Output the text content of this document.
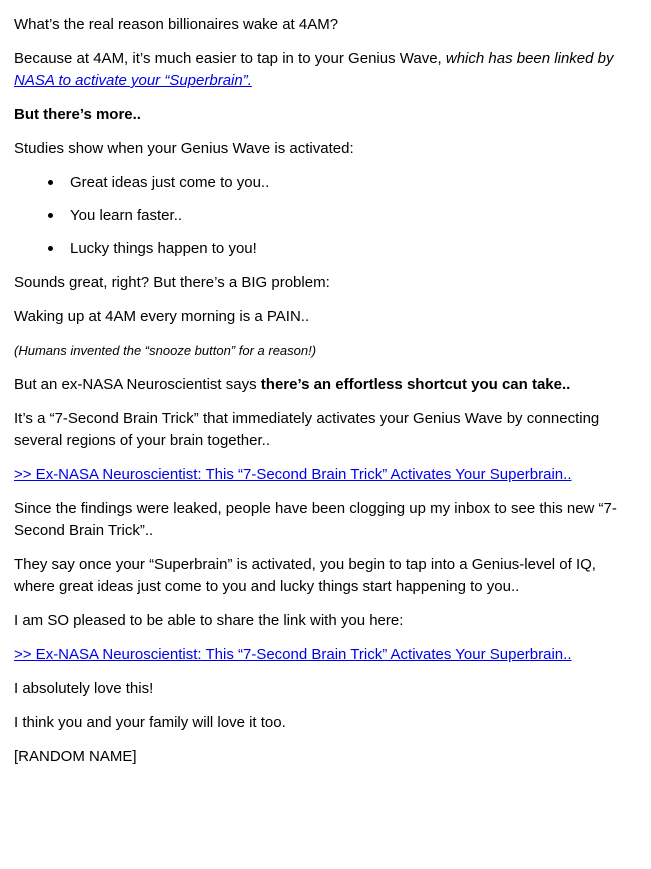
What’s the real reason billionaires wake at 4AM?

Because at 4AM, it’s much easier to tap in to your Genius Wave, which has been linked by NASA to activate your “Superbrain”.

But there’s more..

Studies show when your Genius Wave is activated:

Great ideas just come to you..
You learn faster..
Lucky things happen to you!

Sounds great, right? But there’s a BIG problem:

Waking up at 4AM every morning is a PAIN..

(Humans invented the “snooze button” for a reason!)

But an ex-NASA Neuroscientist says there’s an effortless shortcut you can take..

It’s a “7-Second Brain Trick” that immediately activates your Genius Wave by connecting several regions of your brain together..

>> Ex-NASA Neuroscientist: This “7-Second Brain Trick” Activates Your Superbrain..

Since the findings were leaked, people have been clogging up my inbox to see this new “7-Second Brain Trick”..

They say once your “Superbrain” is activated, you begin to tap into a Genius-level of IQ, where great ideas just come to you and lucky things start happening to you..

I am SO pleased to be able to share the link with you here:

>> Ex-NASA Neuroscientist: This “7-Second Brain Trick” Activates Your Superbrain..

I absolutely love this!

I think you and your family will love it too.

[RANDOM NAME]
